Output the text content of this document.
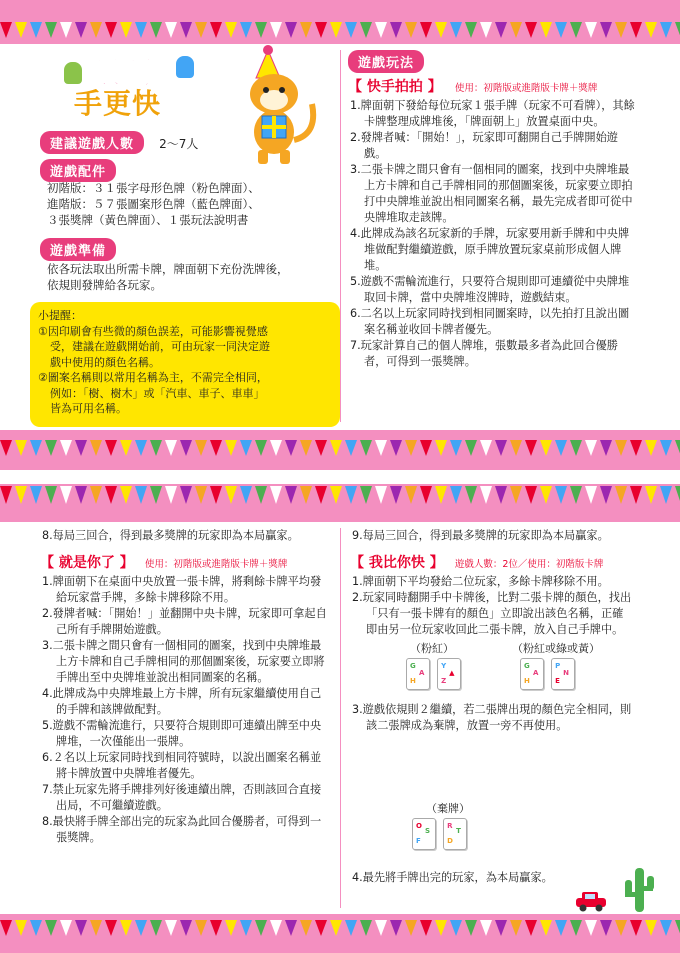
眼明
手更快
建議遊戲人數 2～7人
遊戲配件
初階版：３１張字母形色牌（粉色牌面）、
進階版：５７張圖案形色牌（藍色牌面）、
３張獎牌（黃色牌面）、１張玩法說明書
遊戲準備
依各玩法取出所需卡牌，牌面朝下充份洗牌後，
依規則發牌給各玩家。
小提醒：
①因印刷會有些微的顏色誤差，可能影響視覺感
受，建議在遊戲開始前，可由玩家一同決定遊
戲中使用的顏色名稱。
②圖案名稱則以常用名稱為主，不需完全相同，
例如：「樹、樹木」或「汽車、車子、車車」
皆為可用名稱。
遊戲玩法
【 快手拍拍 】 使用：初階版或進階版卡牌＋獎牌
1.牌面朝下發給每位玩家１張手牌（玩家不可看牌），其餘卡牌整理成牌堆後，「牌面朝上」放置桌面中央。
2.發牌者喊：「開始！」，玩家即可翻開自己手牌開始遊戲。
3.二張卡牌之間只會有一個相同的圖案，找到中央牌堆最上方卡牌和自己手牌相同的那個圖案後，玩家要立即拍打中央牌堆並說出相同圖案名稱，最先完成者即可從中央牌堆取走該牌。
4.此牌成為該名玩家新的手牌，玩家要用新手牌和中央牌堆做配對繼續遊戲，原手牌放置玩家桌前形成個人牌堆。
5.遊戲不需輪流進行，只要符合規則即可連續從中央牌堆取回卡牌，當中央牌堆沒牌時，遊戲結束。
6.二名以上玩家同時找到相同圖案時，以先拍打且說出圖案名稱並收回卡牌者優先。
7.玩家計算自己的個人牌堆，張數最多者為此回合優勝者，可得到一張獎牌。
8.每局三回合，得到最多獎牌的玩家即為本局贏家。
【 就是你了 】 使用：初階版或進階版卡牌＋獎牌
1.牌面朝下在桌面中央放置一張卡牌，將剩餘卡牌平均發給玩家當手牌，多餘卡牌移除不用。
2.發牌者喊：「開始！」並翻開中央卡牌，玩家即可拿起自己所有手牌開始遊戲。
3.二張卡牌之間只會有一個相同的圖案，找到中央牌堆最上方卡牌和自己手牌相同的那個圖案後，玩家要立即將手牌出至中央牌堆並說出相同圖案的名稱。
4.此牌成為中央牌堆最上方卡牌，所有玩家繼續使用自己的手牌和該牌做配對。
5.遊戲不需輪流進行，只要符合規則即可連續出牌至中央牌堆，一次僅能出一張牌。
6.２名以上玩家同時找到相同符號時，以說出圖案名稱並將卡牌放置中央牌堆者優先。
7.禁止玩家先將手牌排列好後連續出牌，否則該回合直接出局，不可繼續遊戲。
8.最快將手牌全部出完的玩家為此回合優勝者，可得到一張獎牌。
9.每局三回合，得到最多獎牌的玩家即為本局贏家。
【 我比你快 】 遊戲人數：2位／使用：初階版卡牌
1.牌面朝下平均發給二位玩家，多餘卡牌移除不用。
2.玩家同時翻開手中卡牌後，比對二張卡牌的顏色，找出「只有一張卡牌有的顏色」立即說出該色名稱，正確即由另一位玩家收回此二張卡牌，放入自己手牌中。
（粉紅）	（粉紅或綠或黃）
G
A
H

Y
▲
Z
G
A
H

P
N
E
3.遊戲依規則２繼續，若二張牌出現的顏色完全相同，則該二張牌成為棄牌，放置一旁不再使用。
（棄牌）
O
S
F

R
T
D
4.最先將手牌出完的玩家，為本局贏家。
